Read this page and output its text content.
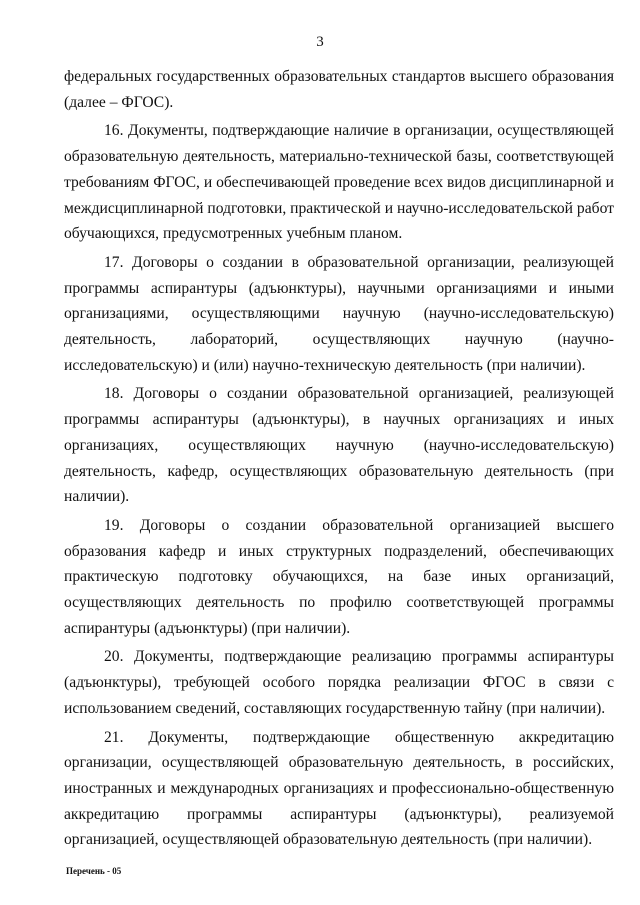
3

федеральных государственных образовательных стандартов высшего образования (далее – ФГОС).

16. Документы, подтверждающие наличие в организации, осуществляющей образовательную деятельность, материально-технической базы, соответствующей требованиям ФГОС, и обеспечивающей проведение всех видов дисциплинарной и междисциплинарной подготовки, практической и научно-исследовательской работ обучающихся, предусмотренных учебным планом.

17. Договоры о создании в образовательной организации, реализующей программы аспирантуры (адъюнктуры), научными организациями и иными организациями, осуществляющими научную (научно-исследовательскую) деятельность, лабораторий, осуществляющих научную (научно-исследовательскую) и (или) научно-техническую деятельность (при наличии).

18. Договоры о создании образовательной организацией, реализующей программы аспирантуры (адъюнктуры), в научных организациях и иных организациях, осуществляющих научную (научно-исследовательскую) деятельность, кафедр, осуществляющих образовательную деятельность (при наличии).

19. Договоры о создании образовательной организацией высшего образования кафедр и иных структурных подразделений, обеспечивающих практическую подготовку обучающихся, на базе иных организаций, осуществляющих деятельность по профилю соответствующей программы аспирантуры (адъюнктуры) (при наличии).

20. Документы, подтверждающие реализацию программы аспирантуры (адъюнктуры), требующей особого порядка реализации ФГОС в связи с использованием сведений, составляющих государственную тайну (при наличии).

21. Документы, подтверждающие общественную аккредитацию организации, осуществляющей образовательную деятельность, в российских, иностранных и международных организациях и профессионально-общественную аккредитацию программы аспирантуры (адъюнктуры), реализуемой организацией, осуществляющей образовательную деятельность (при наличии).

Перечень - 05
